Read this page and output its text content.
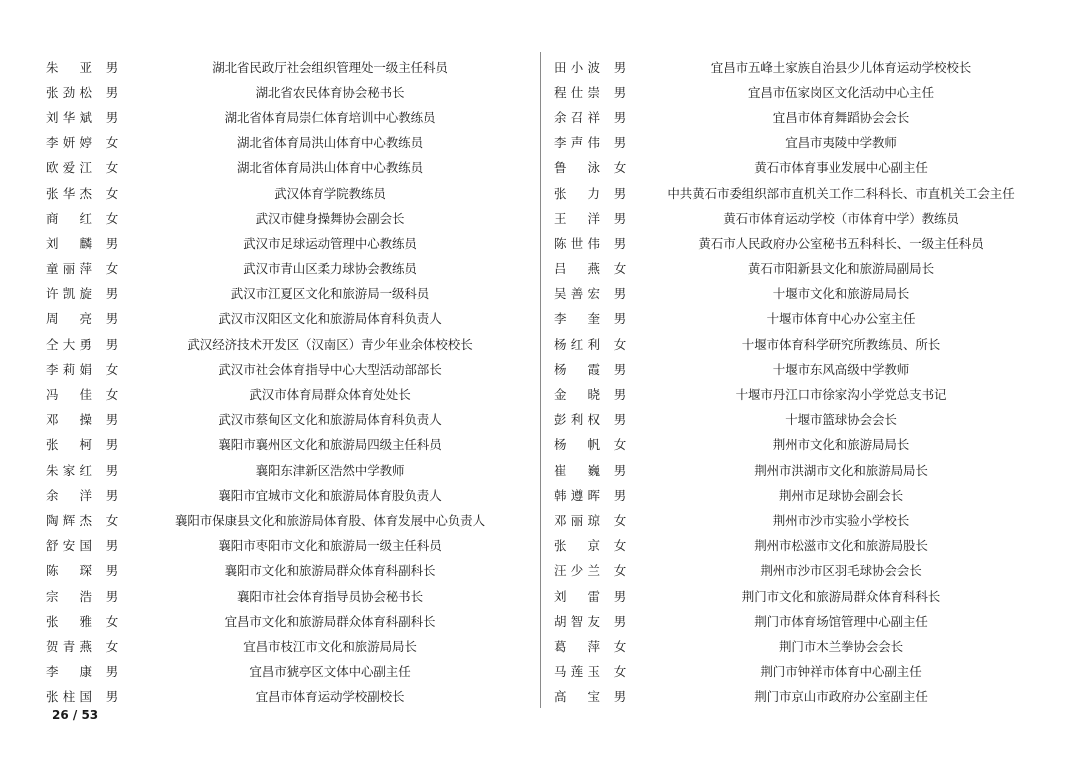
朱 亚	男	湖北省民政厅社会组织管理处一级主任科员
张劲松	男	湖北省农民体育协会秘书长
刘华斌	男	湖北省体育局崇仁体育培训中心教练员
李妍婷	女	湖北省体育局洪山体育中心教练员
欧爱江	女	湖北省体育局洪山体育中心教练员
张华杰	女	武汉体育学院教练员
商 红	女	武汉市健身操舞协会副会长
刘 麟	男	武汉市足球运动管理中心教练员
童丽萍	女	武汉市青山区柔力球协会教练员
许凯旋	男	武汉市江夏区文化和旅游局一级科员
周 亮	男	武汉市汉阳区文化和旅游局体育科负责人
仝大勇	男	武汉经济技术开发区（汉南区）青少年业余体校校长
李莉娟	女	武汉市社会体育指导中心大型活动部部长
冯 佳	女	武汉市体育局群众体育处处长
邓 操	男	武汉市蔡甸区文化和旅游局体育科负责人
张 柯	男	襄阳市襄州区文化和旅游局四级主任科员
朱家红	男	襄阳东津新区浩然中学教师
余 洋	男	襄阳市宜城市文化和旅游局体育股负责人
陶辉杰	女	襄阳市保康县文化和旅游局体育股、体育发展中心负责人
舒安国	男	襄阳市枣阳市文化和旅游局一级主任科员
陈 琛	男	襄阳市文化和旅游局群众体育科副科长
宗 浩	男	襄阳市社会体育指导员协会秘书长
张 雅	女	宜昌市文化和旅游局群众体育科副科长
贺青燕	女	宜昌市枝江市文化和旅游局局长
李 康	男	宜昌市猇亭区文体中心副主任
张柱国	男	宜昌市体育运动学校副校长
田小波	男	宜昌市五峰土家族自治县少儿体育运动学校校长
程仕崇	男	宜昌市伍家岗区文化活动中心主任
余召祥	男	宜昌市体育舞蹈协会会长
李声伟	男	宜昌市夷陵中学教师
鲁 泳	女	黄石市体育事业发展中心副主任
张 力	男	中共黄石市委组织部市直机关工作二科科长、市直机关工会主任
王 洋	男	黄石市体育运动学校（市体育中学）教练员
陈世伟	男	黄石市人民政府办公室秘书五科科长、一级主任科员
吕 燕	女	黄石市阳新县文化和旅游局副局长
吴善宏	男	十堰市文化和旅游局局长
李 奎	男	十堰市体育中心办公室主任
杨红利	女	十堰市体育科学研究所教练员、所长
杨 霞	男	十堰市东风高级中学教师
金 晓	男	十堰市丹江口市徐家沟小学党总支书记
彭利权	男	十堰市篮球协会会长
杨 帆	女	荆州市文化和旅游局局长
崔 巍	男	荆州市洪湖市文化和旅游局局长
韩遵晖	男	荆州市足球协会副会长
邓丽琼	女	荆州市沙市实验小学校长
张 京	女	荆州市松滋市文化和旅游局股长
汪少兰	女	荆州市沙市区羽毛球协会会长
刘 雷	男	荆门市文化和旅游局群众体育科科长
胡智友	男	荆门市体育场馆管理中心副主任
葛 萍	女	荆门市木兰拳协会会长
马莲玉	女	荆门市钟祥市体育中心副主任
高 宝	男	荆门市京山市政府办公室副主任
26 / 53
